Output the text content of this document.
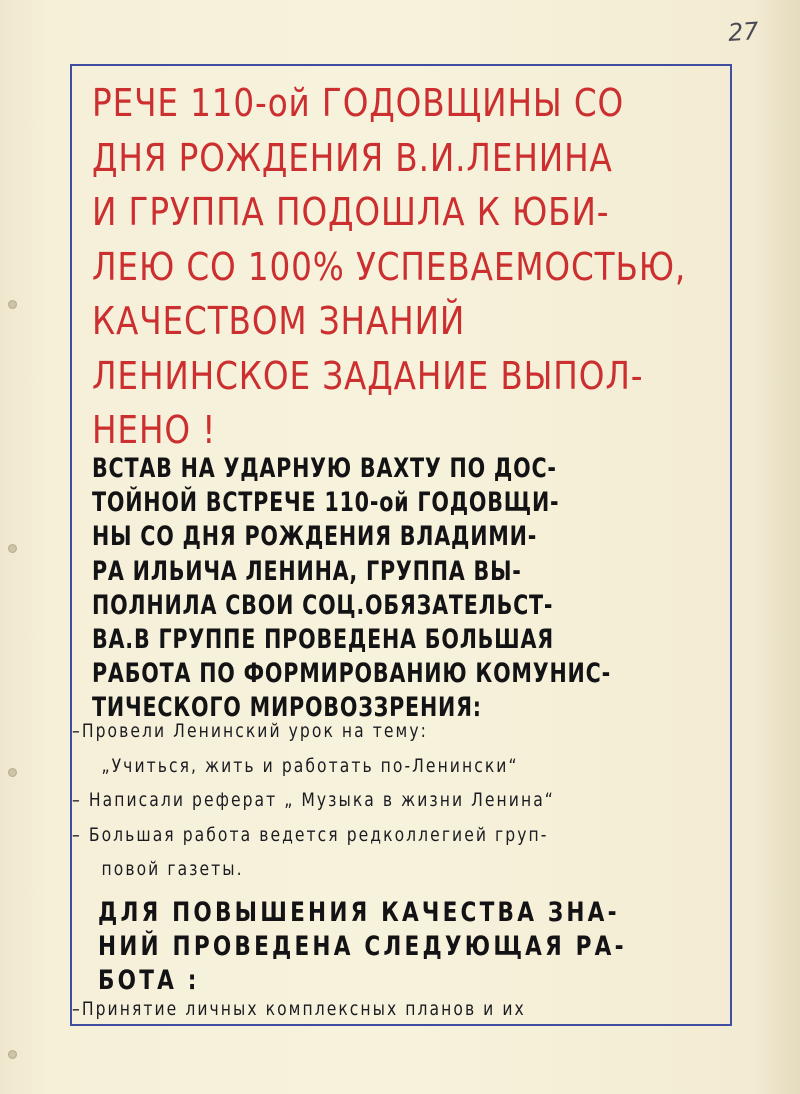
27
РЕЧЕ 110-ой ГОДОВЩИНЫ СО
ДНЯ РОЖДЕНИЯ В.И.ЛЕНИНА
И ГРУППА ПОДОШЛА К ЮБИ-
ЛЕЮ СО 100% УСПЕВАЕМОСТЬЮ,
КАЧЕСТВОМ ЗНАНИЙ
ЛЕНИНСКОЕ ЗАДАНИЕ ВЫПОЛ-
НЕНО !
ВСТАВ НА УДАРНУЮ ВАХТУ ПО ДОС-
ТОЙНОЙ ВСТРЕЧЕ 110-ой ГОДОВЩИ-
НЫ СО ДНЯ РОЖДЕНИЯ ВЛАДИМИ-
РА ИЛЬИЧА ЛЕНИНА, ГРУППА ВЫ-
ПОЛНИЛА СВОИ СОЦ.ОБЯЗАТЕЛЬСТ-
ВА.В ГРУППЕ ПРОВЕДЕНА БОЛЬШАЯ
РАБОТА ПО ФОРМИРОВАНИЮ КОМУНИС-
ТИЧЕСКОГО МИРОВОЗЗРЕНИЯ:
–Провели Ленинский урок на тему:
„Учиться, жить и работать по-Ленински“
– Написали реферат „ Музыка в жизни Ленина“
– Большая работа ведется редколлегией груп-
повой газеты.
ДЛЯ ПОВЫШЕНИЯ КАЧЕСТВА ЗНА-
НИЙ ПРОВЕДЕНА СЛЕДУЮЩАЯ РА-
БОТА :
–Принятие личных комплексных планов и их
